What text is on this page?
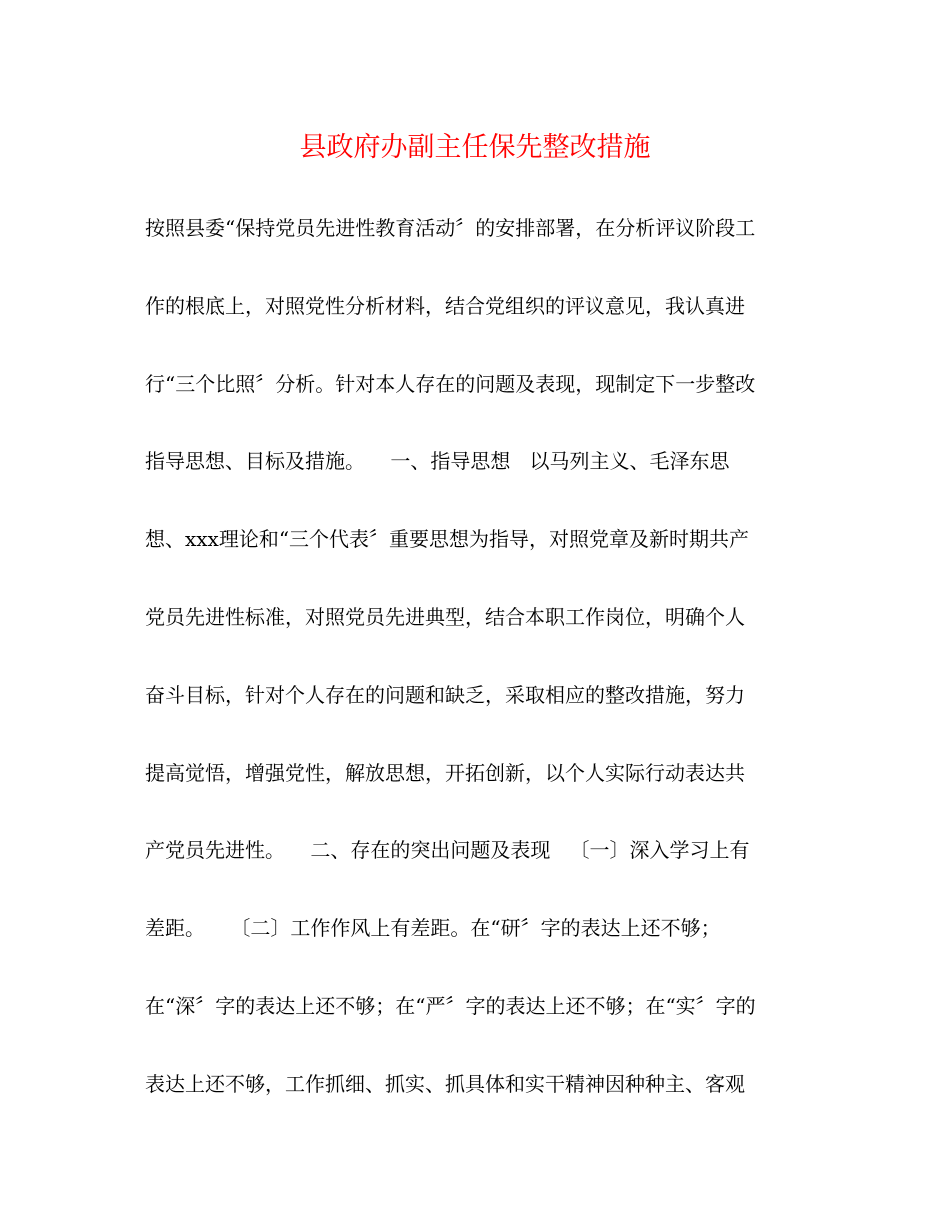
县政府办副主任保先整改措施
按照县委“保持党员先进性教育活动〞的安排部署，在分析评议阶段工
作的根底上，对照党性分析材料，结合党组织的评议意见，我认真进
行“三个比照〞分析。针对本人存在的问题及表现，现制定下一步整改
指导思想、目标及措施。    一、指导思想   以马列主义、毛泽东思
想、xxx理论和“三个代表〞重要思想为指导，对照党章及新时期共产
党员先进性标准，对照党员先进典型，结合本职工作岗位，明确个人
奋斗目标，针对个人存在的问题和缺乏，采取相应的整改措施，努力
提高觉悟，增强党性，解放思想，开拓创新，以个人实际行动表达共
产党员先进性。    二、存在的突出问题及表现   〔一〕深入学习上有
差距。    〔二〕工作作风上有差距。在“研〞字的表达上还不够；
在“深〞字的表达上还不够；在“严〞字的表达上还不够；在“实〞字的
表达上还不够，工作抓细、抓实、抓具体和实干精神因种种主、客观
